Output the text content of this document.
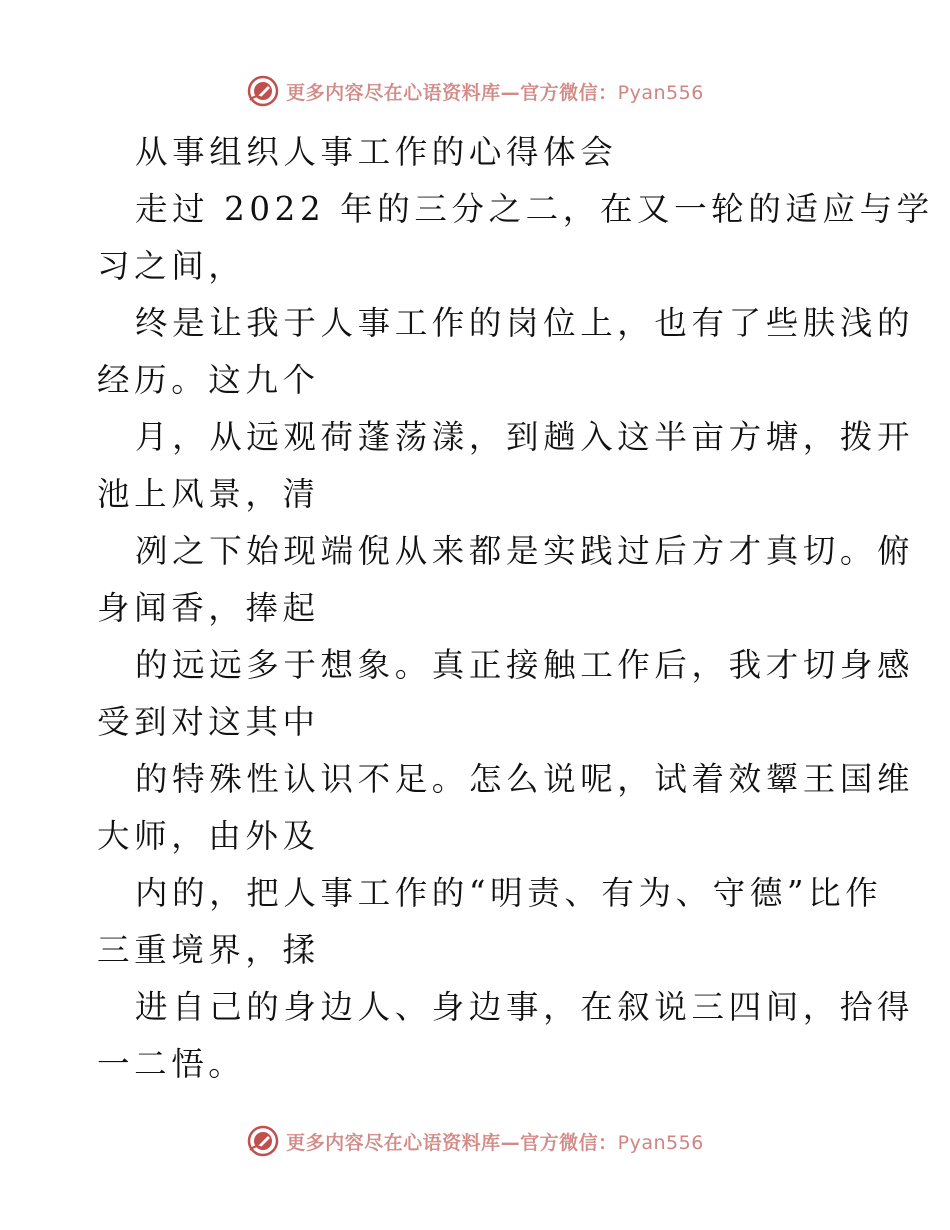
更多内容尽在心语资料库—官方微信：Pyan556
从事组织人事工作的心得体会
走过 2022 年的三分之二，在又一轮的适应与学
习之间，
终是让我于人事工作的岗位上，也有了些肤浅的
经历。这九个
月，从远观荷蓬荡漾，到趟入这半亩方塘，拨开
池上风景，清
冽之下始现端倪从来都是实践过后方才真切。俯
身闻香，捧起
的远远多于想象。真正接触工作后，我才切身感
受到对这其中
的特殊性认识不足。怎么说呢，试着效颦王国维
大师，由外及
内的，把人事工作的“明责、有为、守德”比作
三重境界，揉
进自己的身边人、身边事，在叙说三四间，拾得
一二悟。
更多内容尽在心语资料库—官方微信：Pyan556
